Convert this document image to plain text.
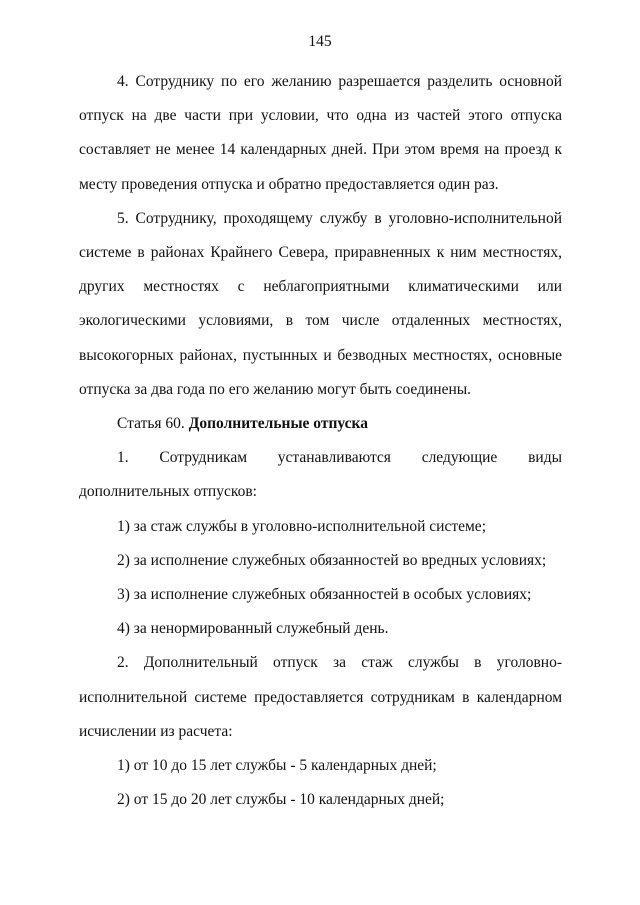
145

4. Сотруднику по его желанию разрешается разделить основной отпуск на две части при условии, что одна из частей этого отпуска составляет не менее 14 календарных дней. При этом время на проезд к месту проведения отпуска и обратно предоставляется один раз.

5. Сотруднику, проходящему службу в уголовно-исполнительной системе в районах Крайнего Севера, приравненных к ним местностях, других местностях с неблагоприятными климатическими или экологическими условиями, в том числе отдаленных местностях, высокогорных районах, пустынных и безводных местностях, основные отпуска за два года по его желанию могут быть соединены.

Статья 60. Дополнительные отпуска

1. Сотрудникам устанавливаются следующие виды дополнительных отпусков:

1) за стаж службы в уголовно-исполнительной системе;

2) за исполнение служебных обязанностей во вредных условиях;

3) за исполнение служебных обязанностей в особых условиях;

4) за ненормированный служебный день.

2. Дополнительный отпуск за стаж службы в уголовно-исполнительной системе предоставляется сотрудникам в календарном исчислении из расчета:

1) от 10 до 15 лет службы - 5 календарных дней;

2) от 15 до 20 лет службы - 10 календарных дней;
